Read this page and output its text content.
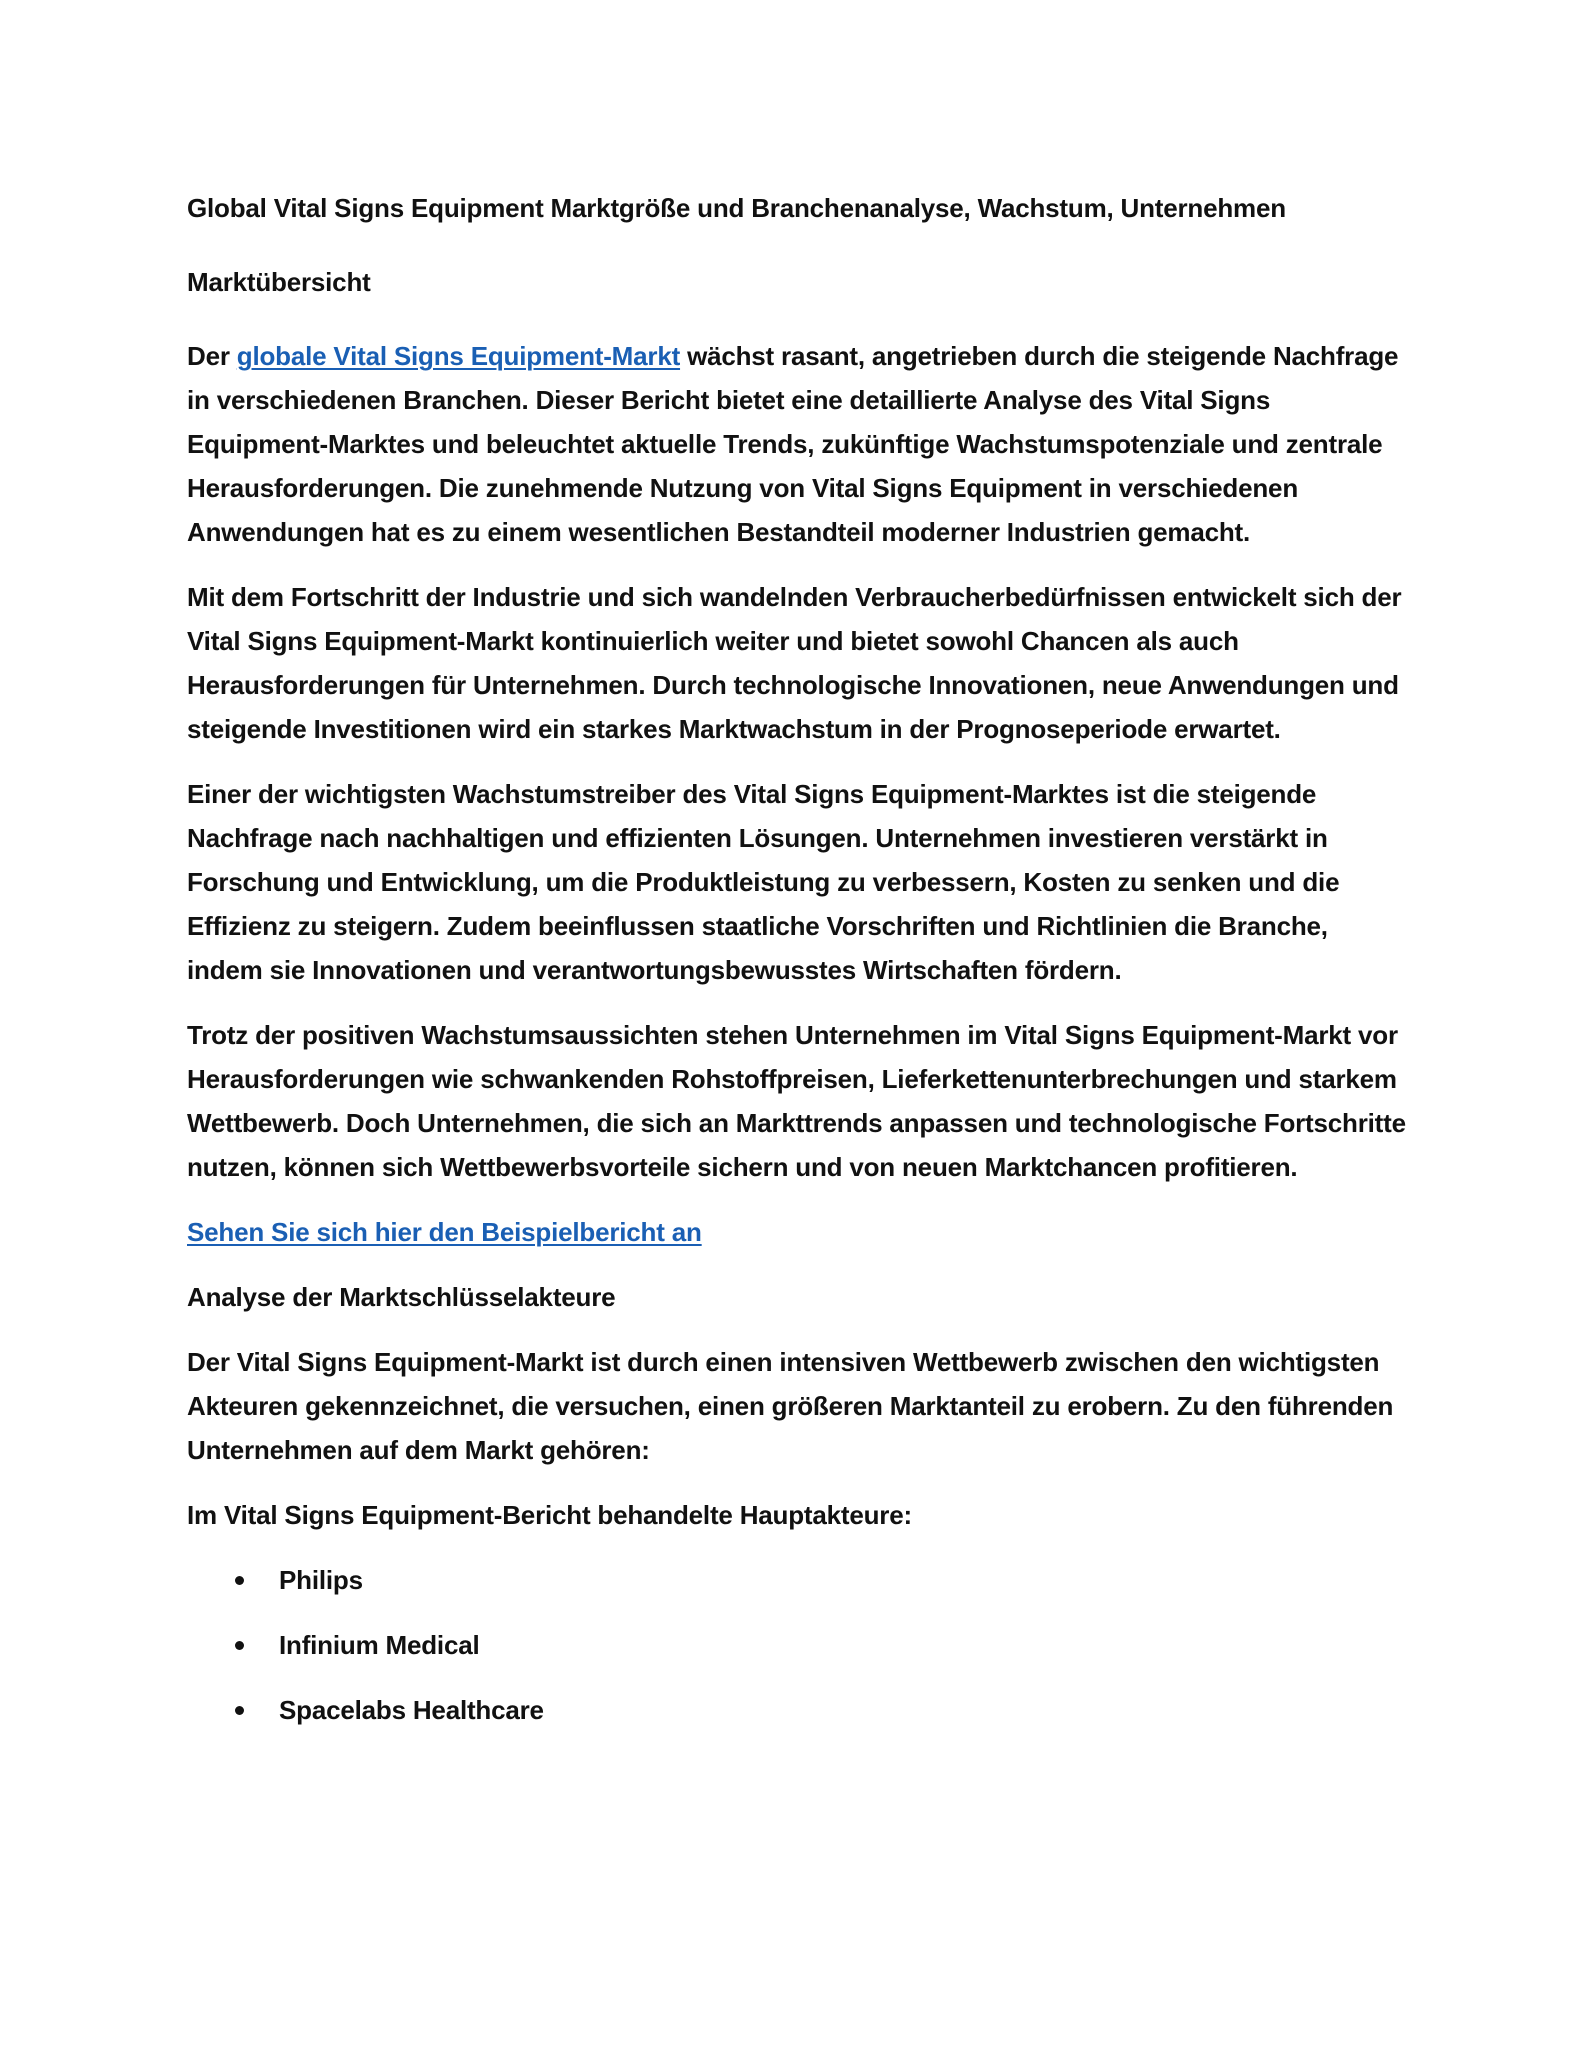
Global Vital Signs Equipment Marktgröße und Branchenanalyse, Wachstum, Unternehmen
Marktübersicht

Der globale Vital Signs Equipment-Markt wächst rasant, angetrieben durch die steigende Nachfrage in verschiedenen Branchen. Dieser Bericht bietet eine detaillierte Analyse des Vital Signs Equipment-Marktes und beleuchtet aktuelle Trends, zukünftige Wachstumspotenziale und zentrale Herausforderungen. Die zunehmende Nutzung von Vital Signs Equipment in verschiedenen Anwendungen hat es zu einem wesentlichen Bestandteil moderner Industrien gemacht.

Mit dem Fortschritt der Industrie und sich wandelnden Verbraucherbedürfnissen entwickelt sich der Vital Signs Equipment-Markt kontinuierlich weiter und bietet sowohl Chancen als auch Herausforderungen für Unternehmen. Durch technologische Innovationen, neue Anwendungen und steigende Investitionen wird ein starkes Marktwachstum in der Prognoseperiode erwartet.

Einer der wichtigsten Wachstumstreiber des Vital Signs Equipment-Marktes ist die steigende Nachfrage nach nachhaltigen und effizienten Lösungen. Unternehmen investieren verstärkt in Forschung und Entwicklung, um die Produktleistung zu verbessern, Kosten zu senken und die Effizienz zu steigern. Zudem beeinflussen staatliche Vorschriften und Richtlinien die Branche, indem sie Innovationen und verantwortungsbewusstes Wirtschaften fördern.

Trotz der positiven Wachstumsaussichten stehen Unternehmen im Vital Signs Equipment-Markt vor Herausforderungen wie schwankenden Rohstoffpreisen, Lieferkettenunterbrechungen und starkem Wettbewerb. Doch Unternehmen, die sich an Markttrends anpassen und technologische Fortschritte nutzen, können sich Wettbewerbsvorteile sichern und von neuen Marktchancen profitieren.

Sehen Sie sich hier den Beispielbericht an
Analyse der Marktschlüsselakteure

Der Vital Signs Equipment-Markt ist durch einen intensiven Wettbewerb zwischen den wichtigsten Akteuren gekennzeichnet, die versuchen, einen größeren Marktanteil zu erobern. Zu den führenden Unternehmen auf dem Markt gehören:

Im Vital Signs Equipment-Bericht behandelte Hauptakteure:
Philips
Infinium Medical
Spacelabs Healthcare
